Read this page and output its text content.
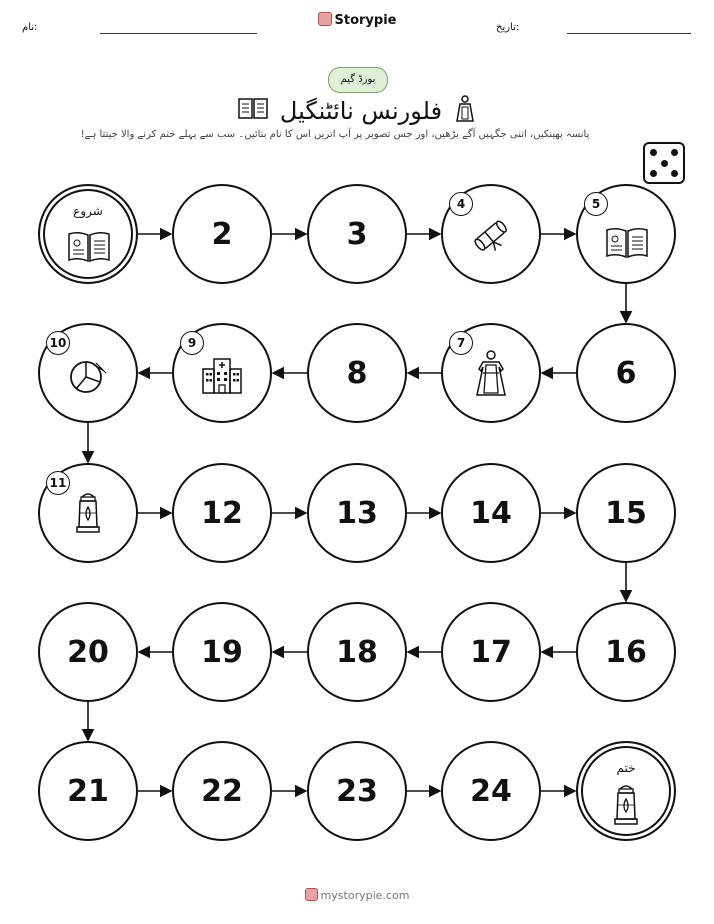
Storypie
نام:	تاریخ:
بورڈ گیم
فلورنس نائٹنگیل
پانسہ پھینکیں، اتنی جگہیں آگے بڑھیں، اور جس تصویر پر آپ اتریں اس کا نام بتائیں۔ سب سے پہلے ختم کرنے والا جیتتا ہے!
شروع
2	3
4	5
10	9
8
7
6
11
12	13	14	15
20	19	18	17	16
21	22	23	24
ختم
mystorypie.com
